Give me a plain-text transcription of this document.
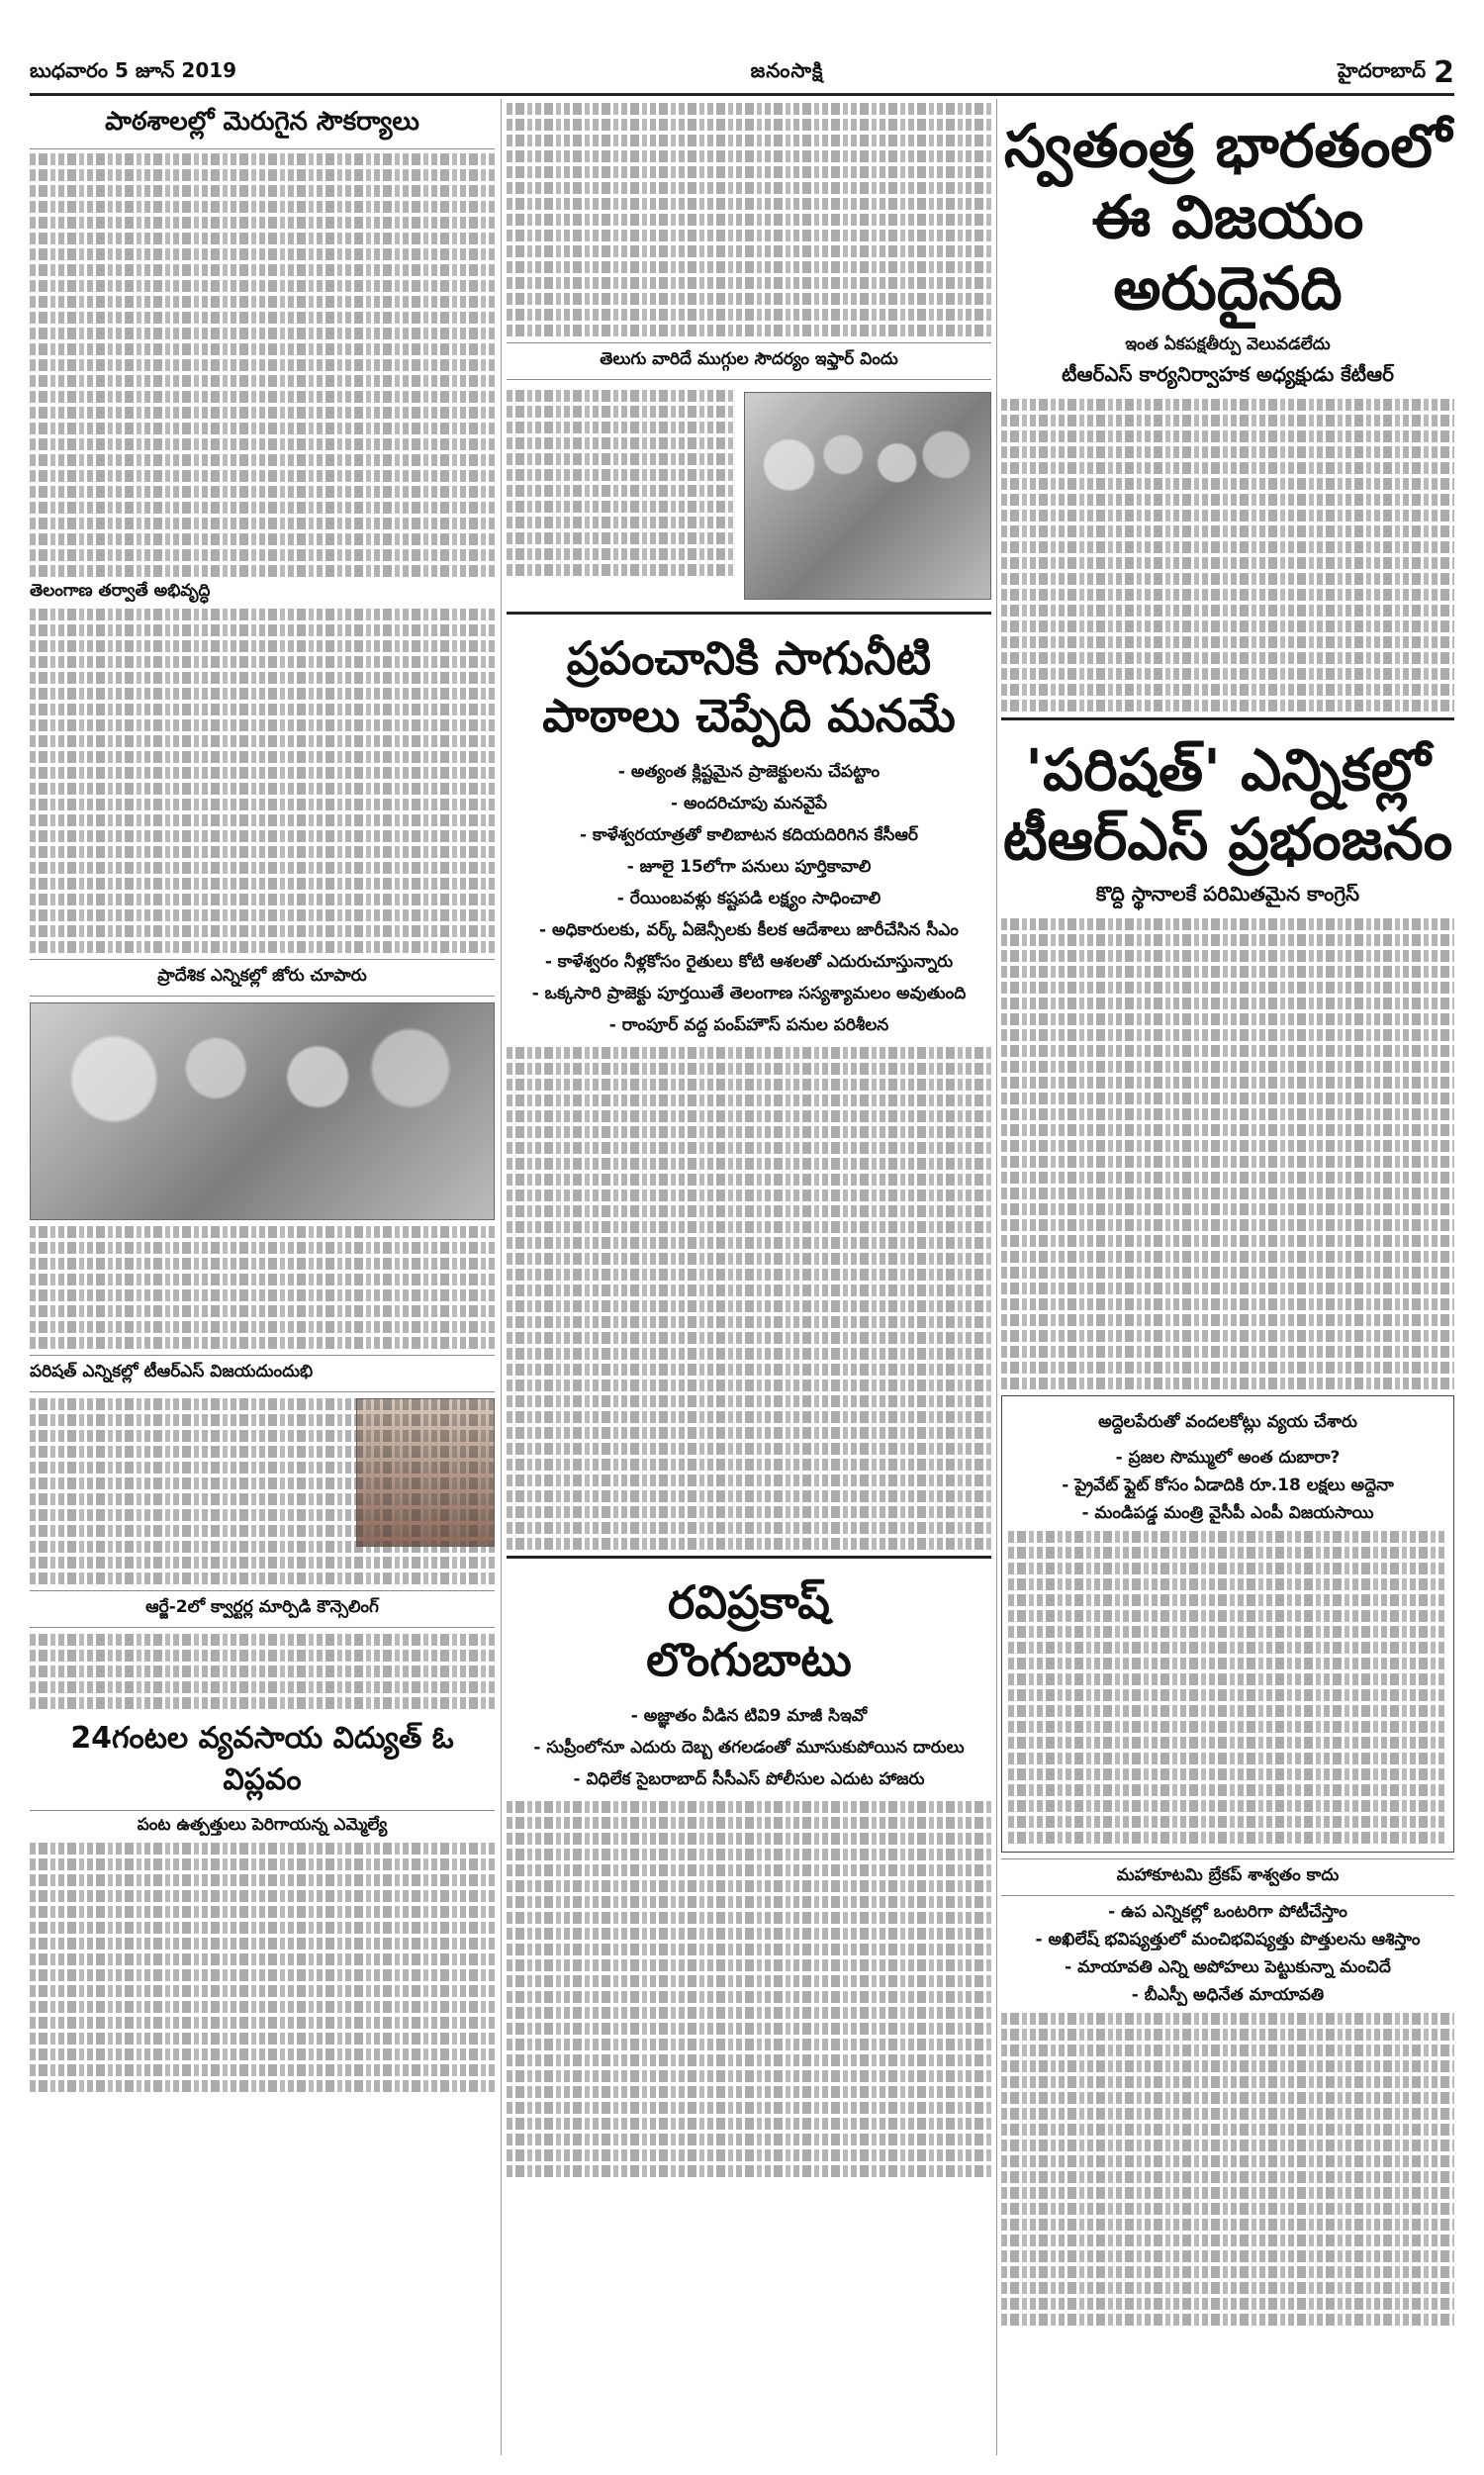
బుధవారం 5 జూన్ 2019	జనంసాక్షి	హైదరాబాద్ 2
పాఠశాలల్లో మెరుగైన సౌకర్యాలు
తెలంగాణ తర్వాతే అభివృద్ధి
ప్రాదేశిక ఎన్నికల్లో జోరు చూపారు
పరిషత్ ఎన్నికల్లో టీఆర్ఎస్ విజయదుందుభి
ఆర్జే-2లో క్వార్టర్ల మార్పిడి కౌన్సెలింగ్
24గంటల వ్యవసాయ విద్యుత్ ఓ విప్లవం
పంట ఉత్పత్తులు పెరిగాయన్న ఎమ్మెల్యే
తెలుగు వారిదే ముగ్గుల సౌదర్యం ఇఫ్తార్ విందు
ప్రపంచానికి సాగునీటి
పాఠాలు చెప్పేది మనమే
- అత్యంత క్లిష్టమైన ప్రాజెక్టులను చేపట్టాం
- అందరిచూపు మనవైపే
- కాళేశ్వరయాత్రతో కాలిబాటన కదియదిరిగిన కేసీఆర్
- జూలై 15లోగా పనులు పూర్తికావాలి
- రేయింబవళ్లు కష్టపడి లక్ష్యం సాధించాలి
- అధికారులకు, వర్క్ ఏజెన్సీలకు కీలక ఆదేశాలు జారీచేసిన సీఎం
- కాళేశ్వరం నీళ్లకోసం రైతులు కోటి ఆశలతో ఎదురుచూస్తున్నారు
- ఒక్కసారి ప్రాజెక్టు పూర్తయితే తెలంగాణ సస్యశ్యామలం అవుతుంది
- రాంపూర్ వద్ద పంప్‌హౌస్ పనుల పరిశీలన
రవిప్రకాష్
లొంగుబాటు
- అజ్ఞాతం వీడిన టివి9 మాజీ సిఇవో
- సుప్రీంలోనూ ఎదురు దెబ్బ తగలడంతో మూసుకుపోయిన దారులు
- విధిలేక సైబరాబాద్ సీసీఎస్ పోలీసుల ఎదుట హాజరు
స్వతంత్ర భారతంలో
ఈ విజయం అరుదైనది
ఇంత ఏకపక్షతీర్పు వెలువడలేదు
టీఆర్ఎస్ కార్యనిర్వాహక అధ్యక్షుడు కేటీఆర్
'పరిషత్' ఎన్నికల్లో
టీఆర్ఎస్ ప్రభంజనం
కొద్ది స్థానాలకే పరిమితమైన కాంగ్రెస్
అద్దెలపేరుతో వందలకోట్లు వ్యయ చేశారు
- ప్రజల సొమ్ములో అంత దుబారా?
- ప్రైవేట్ ఫ్లైట్ కోసం ఏడాదికి రూ.18 లక్షలు అద్దెనా
- మండిపడ్డ మంత్రి వైసీపీ ఎంపీ విజయసాయి
మహాకూటమి బ్రేకప్ శాశ్వతం కాదు
- ఉప ఎన్నికల్లో ఒంటరిగా పోటీచేస్తాం
- అఖిలేష్ భవిష్యత్తులో మంచిభవిష్యత్తు పొత్తులను ఆశిస్తాం
- మాయావతి ఎన్ని అపోహలు పెట్టుకున్నా మంచిదే
- బీఎస్పీ అధినేత మాయావతి
